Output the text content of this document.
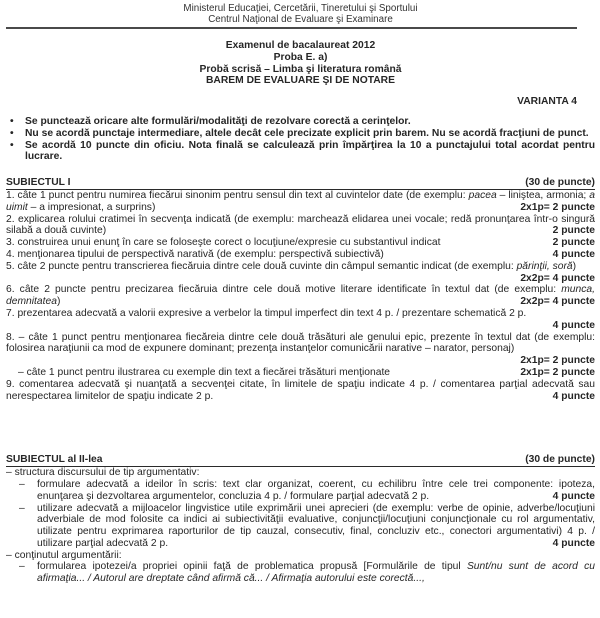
Ministerul Educaţiei, Cercetării, Tineretului şi Sportului
Centrul Naţional de Evaluare şi Examinare
Examenul de bacalaureat 2012
Proba E. a)
Probă scrisă – Limba şi literatura română
BAREM DE EVALUARE ŞI DE NOTARE
VARIANTA 4

• Se punctează oricare alte formulări/modalităţi de rezolvare corectă a cerinţelor.

• Nu se acordă punctaje intermediare, altele decât cele precizate explicit prin barem. Nu se acordă fracţiuni de punct.

• Se acordă 10 puncte din oficiu. Nota finală se calculează prin împărţirea la 10 a punctajului total acordat pentru lucrare.

SUBIECTUL I	(30 de puncte)

1. câte 1 punct pentru numirea fiecărui sinonim pentru sensul din text al cuvintelor date (de exemplu: pacea – liniştea, armonia; a uimit – a impresionat, a surprins)	2x1p= 2 puncte

2. explicarea rolului cratimei în secvenţa indicată (de exemplu: marchează elidarea unei vocale; redă pronunţarea într-o singură silabă a două cuvinte)	2 puncte

3. construirea unui enunţ în care se foloseşte corect o locuţiune/expresie cu substantivul indicat	2 puncte

4. menţionarea tipului de perspectivă narativă (de exemplu: perspectivă subiectivă)	4 puncte

5. câte 2 puncte pentru transcrierea fiecăruia dintre cele două cuvinte din câmpul semantic indicat (de exemplu: părinţii, soră)
2x2p= 4 puncte

6. câte 2 puncte pentru precizarea fiecăruia dintre cele două motive literare identificate în textul dat (de exemplu: munca, demnitatea)	2x2p= 4 puncte

7. prezentarea adecvată a valorii expresive a verbelor la timpul imperfect din text 4 p. / prezentare schematică 2 p.
4 puncte

8. – câte 1 punct pentru menţionarea fiecăreia dintre cele două trăsături ale genului epic, prezente în textul dat (de exemplu: folosirea naraţiunii ca mod de expunere dominant; prezenţa instanţelor comunicării narative – narator, personaj)
2x1p= 2 puncte

– câte 1 punct pentru ilustrarea cu exemple din text a fiecărei trăsături menţionate	2x1p= 2 puncte

9. comentarea adecvată şi nuanţată a secvenţei citate, în limitele de spaţiu indicate 4 p. / comentarea parţial adecvată sau nerespectarea limitelor de spaţiu indicate 2 p.	4 puncte

SUBIECTUL al II-lea	(30 de puncte)

– structura discursului de tip argumentativ:

– formulare adecvată a ideilor în scris: text clar organizat, coerent, cu echilibru între cele trei componente: ipoteza, enunţarea şi dezvoltarea argumentelor, concluzia 4 p. / formulare parţial adecvată 2 p.	4 puncte

– utilizare adecvată a mijloacelor lingvistice utile exprimării unei aprecieri (de exemplu: verbe de opinie, adverbe/locuţiuni adverbiale de mod folosite ca indici ai subiectivităţii evaluative, conjuncţii/locuţiuni conjuncţionale cu rol argumentativ, utilizate pentru exprimarea raporturilor de tip cauzal, consecutiv, final, concluziv etc., conectori argumentativi) 4 p. / utilizare parţial adecvată 2 p.	4 puncte

– conţinutul argumentării:

– formularea ipotezei/a propriei opinii faţă de problematica propusă [Formulările de tipul Sunt/nu sunt de acord cu afirmaţia... / Autorul are dreptate când afirmă că... / Afirmaţia autorului este corectă...,
